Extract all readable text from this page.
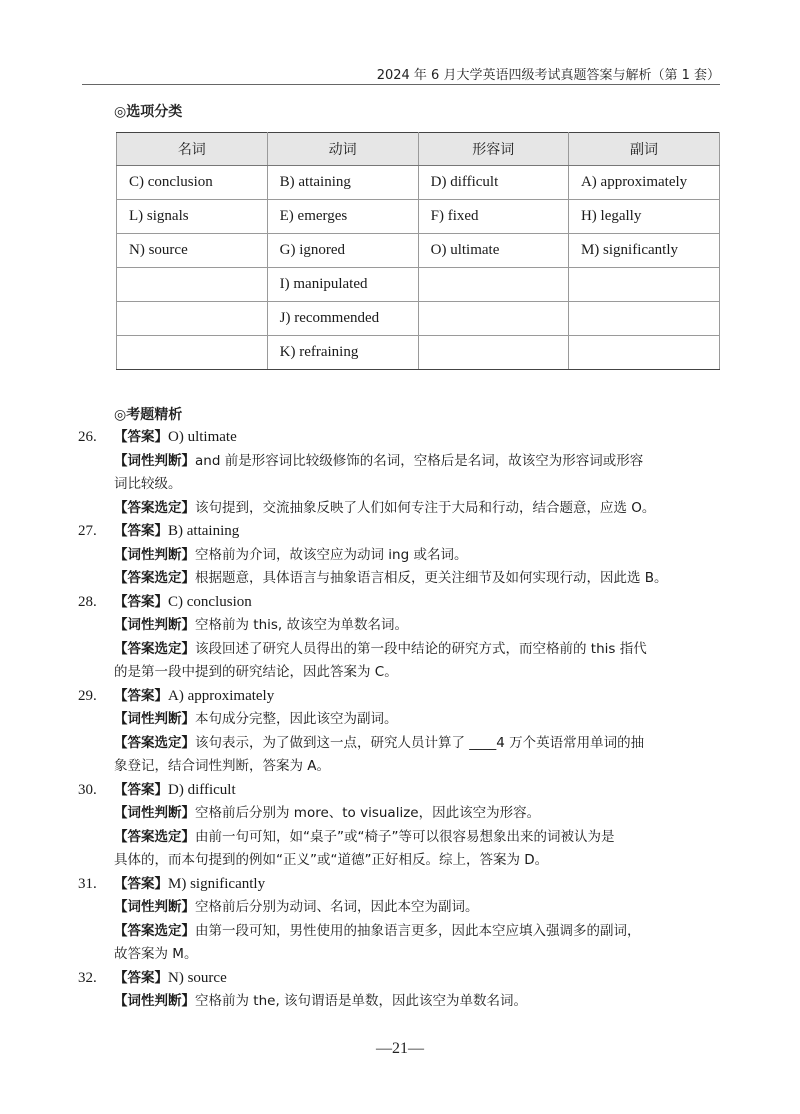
2024 年 6 月大学英语四级考试真题答案与解析（第 1 套）
◎选项分类
名词	动词	形容词	副词
C) conclusion	B) attaining	D) difficult	A) approximately
L) signals	E) emerges	F) fixed	H) legally
N) source	G) ignored	O) ultimate	M) significantly
	I) manipulated		
	J) recommended		
	K) refraining		
◎考题精析
26.	【答案】O) ultimate
【词性判断】and 前是形容词比较级修饰的名词，空格后是名词，故该空为形容词或形容
词比较级。
【答案选定】该句提到，交流抽象反映了人们如何专注于大局和行动，结合题意，应选 O。
27.	【答案】B) attaining
【词性判断】空格前为介词，故该空应为动词 ing 或名词。
【答案选定】根据题意，具体语言与抽象语言相反，更关注细节及如何实现行动，因此选 B。
28.	【答案】C) conclusion
【词性判断】空格前为 this, 故该空为单数名词。
【答案选定】该段回述了研究人员得出的第一段中结论的研究方式，而空格前的 this 指代
的是第一段中提到的研究结论，因此答案为 C。
29.	【答案】A) approximately
【词性判断】本句成分完整，因此该空为副词。
【答案选定】该句表示，为了做到这一点，研究人员计算了 ____4 万个英语常用单词的抽
象登记，结合词性判断，答案为 A。
30.	【答案】D) difficult
【词性判断】空格前后分别为 more、to visualize，因此该空为形容。
【答案选定】由前一句可知，如“桌子”或“椅子”等可以很容易想象出来的词被认为是
具体的，而本句提到的例如“正义”或“道德”正好相反。综上，答案为 D。
31.	【答案】M) significantly
【词性判断】空格前后分别为动词、名词，因此本空为副词。
【答案选定】由第一段可知，男性使用的抽象语言更多，因此本空应填入强调多的副词，
故答案为 M。
32.	【答案】N) source
【词性判断】空格前为 the, 该句谓语是单数，因此该空为单数名词。
—21—
